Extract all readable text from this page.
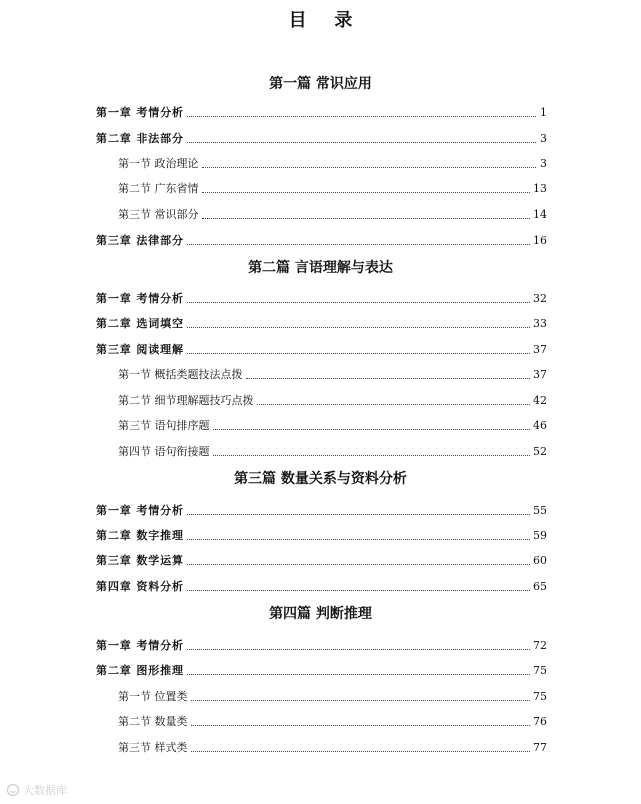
目 录
第一篇 常识应用
第一章 考情分析	1
第二章 非法部分	3
第一节 政治理论	3
第二节 广东省情	13
第三节 常识部分	14
第三章 法律部分	16
第二篇 言语理解与表达
第一章 考情分析	32
第二章 选词填空	33
第三章 阅读理解	37
第一节 概括类题技法点拨	37
第二节 细节理解题技巧点拨	42
第三节 语句排序题	46
第四节 语句衔接题	52
第三篇 数量关系与资料分析
第一章 考情分析	55
第二章 数字推理	59
第三章 数学运算	60
第四章 资料分析	65
第四篇 判断推理
第一章 考情分析	72
第二章 图形推理	75
第一节 位置类	75
第二节 数量类	76
第三节 样式类	77
大数据库
